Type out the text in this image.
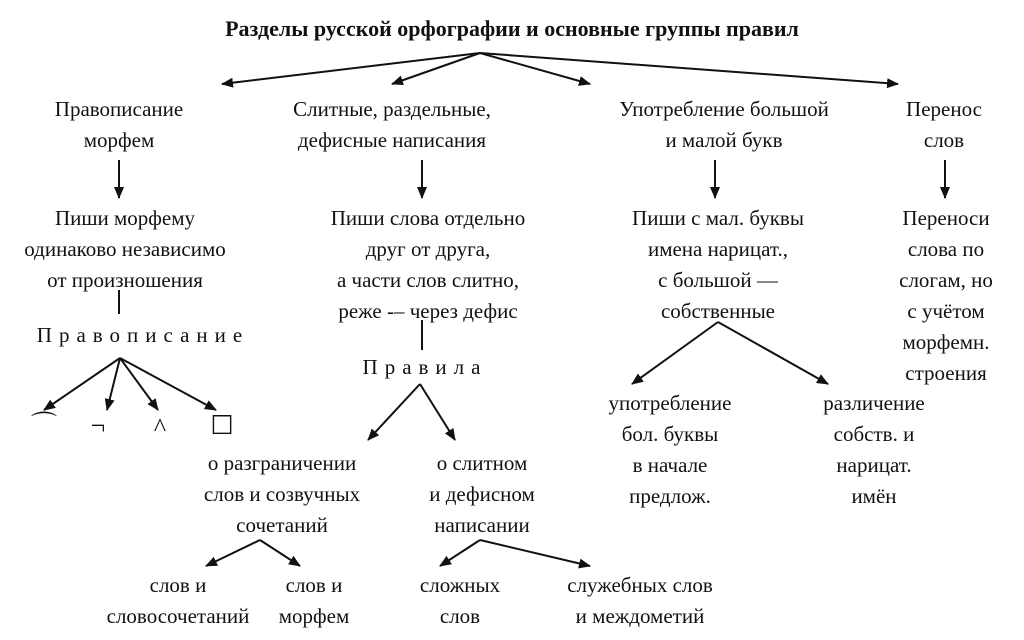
Разделы русской орфографии и основные группы правил
Правописание
морфем
Пиши морфему
одинаково независимо
от произношения
Правописание
⌒ ¬ ^ ☐
Слитные, раздельные,
дефисные написания
Пиши слова отдельно
друг от друга,
а части слов слитно,
реже -– через дефис
Правила
о разграничении
слов и созвучных
сочетаний
о слитном
и дефисном
написании
слов и
словосочетаний
слов и
морфем
сложных
слов
служебных слов
и междометий
Употребление большой
и малой букв
Пиши с мал. буквы
имена нарицат.,
с большой —
собственные
употребление
бол. буквы
в начале
предлож.
различение
собств. и
нарицат.
имён
Перенос
слов
Переноси
слова по
слогам, но
с учётом
морфемн.
строения
